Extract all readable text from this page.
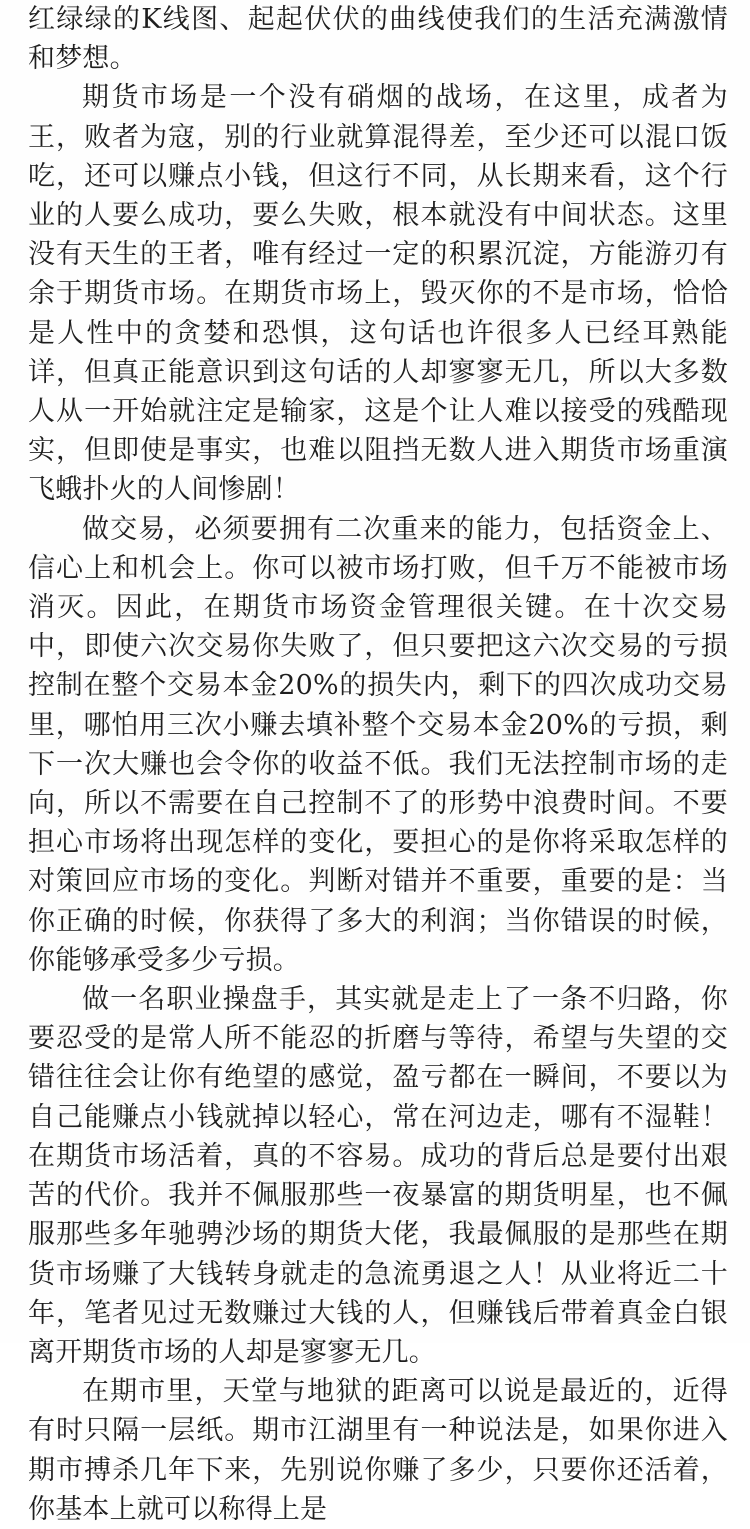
红绿绿的K线图、起起伏伏的曲线使我们的生活充满激情和梦想。

期货市场是一个没有硝烟的战场，在这里，成者为王，败者为寇，别的行业就算混得差，至少还可以混口饭吃，还可以赚点小钱，但这行不同，从长期来看，这个行业的人要么成功，要么失败，根本就没有中间状态。这里没有天生的王者，唯有经过一定的积累沉淀，方能游刃有余于期货市场。在期货市场上，毁灭你的不是市场，恰恰是人性中的贪婪和恐惧，这句话也许很多人已经耳熟能详，但真正能意识到这句话的人却寥寥无几，所以大多数人从一开始就注定是输家，这是个让人难以接受的残酷现实，但即使是事实，也难以阻挡无数人进入期货市场重演飞蛾扑火的人间惨剧！

做交易，必须要拥有二次重来的能力，包括资金上、信心上和机会上。你可以被市场打败，但千万不能被市场消灭。因此，在期货市场资金管理很关键。在十次交易中，即使六次交易你失败了，但只要把这六次交易的亏损控制在整个交易本金20%的损失内，剩下的四次成功交易里，哪怕用三次小赚去填补整个交易本金20%的亏损，剩下一次大赚也会令你的收益不低。我们无法控制市场的走向，所以不需要在自己控制不了的形势中浪费时间。不要担心市场将出现怎样的变化，要担心的是你将采取怎样的对策回应市场的变化。判断对错并不重要，重要的是：当你正确的时候，你获得了多大的利润；当你错误的时候，你能够承受多少亏损。

做一名职业操盘手，其实就是走上了一条不归路，你要忍受的是常人所不能忍的折磨与等待，希望与失望的交错往往会让你有绝望的感觉，盈亏都在一瞬间，不要以为自己能赚点小钱就掉以轻心，常在河边走，哪有不湿鞋！在期货市场活着，真的不容易。成功的背后总是要付出艰苦的代价。我并不佩服那些一夜暴富的期货明星，也不佩服那些多年驰骋沙场的期货大佬，我最佩服的是那些在期货市场赚了大钱转身就走的急流勇退之人！从业将近二十年，笔者见过无数赚过大钱的人，但赚钱后带着真金白银离开期货市场的人却是寥寥无几。

在期市里，天堂与地狱的距离可以说是最近的，近得有时只隔一层纸。期市江湖里有一种说法是，如果你进入期市搏杀几年下来，先别说你赚了多少，只要你还活着，你基本上就可以称得上是
